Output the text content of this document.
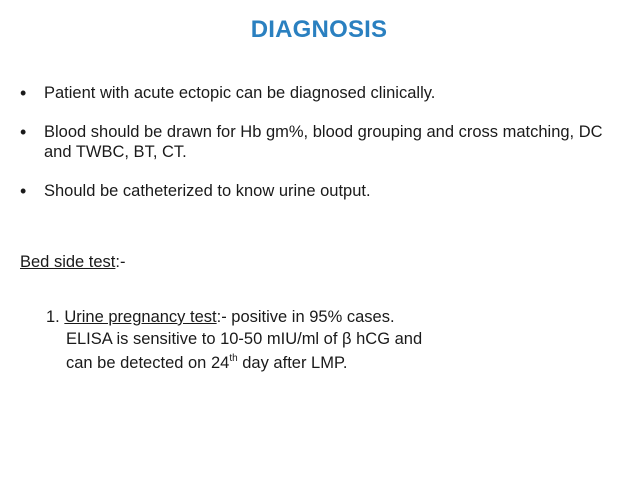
DIAGNOSIS
• Patient with acute ectopic can be diagnosed clinically.
• Blood should be drawn for Hb gm%, blood grouping and cross matching, DC and TWBC, BT, CT.
• Should be catheterized to know urine output.
Bed side test:-
1. Urine pregnancy test:- positive in 95% cases.
ELISA is sensitive to 10-50 mIU/ml of β hCG and
can be detected on 24th day after LMP.
